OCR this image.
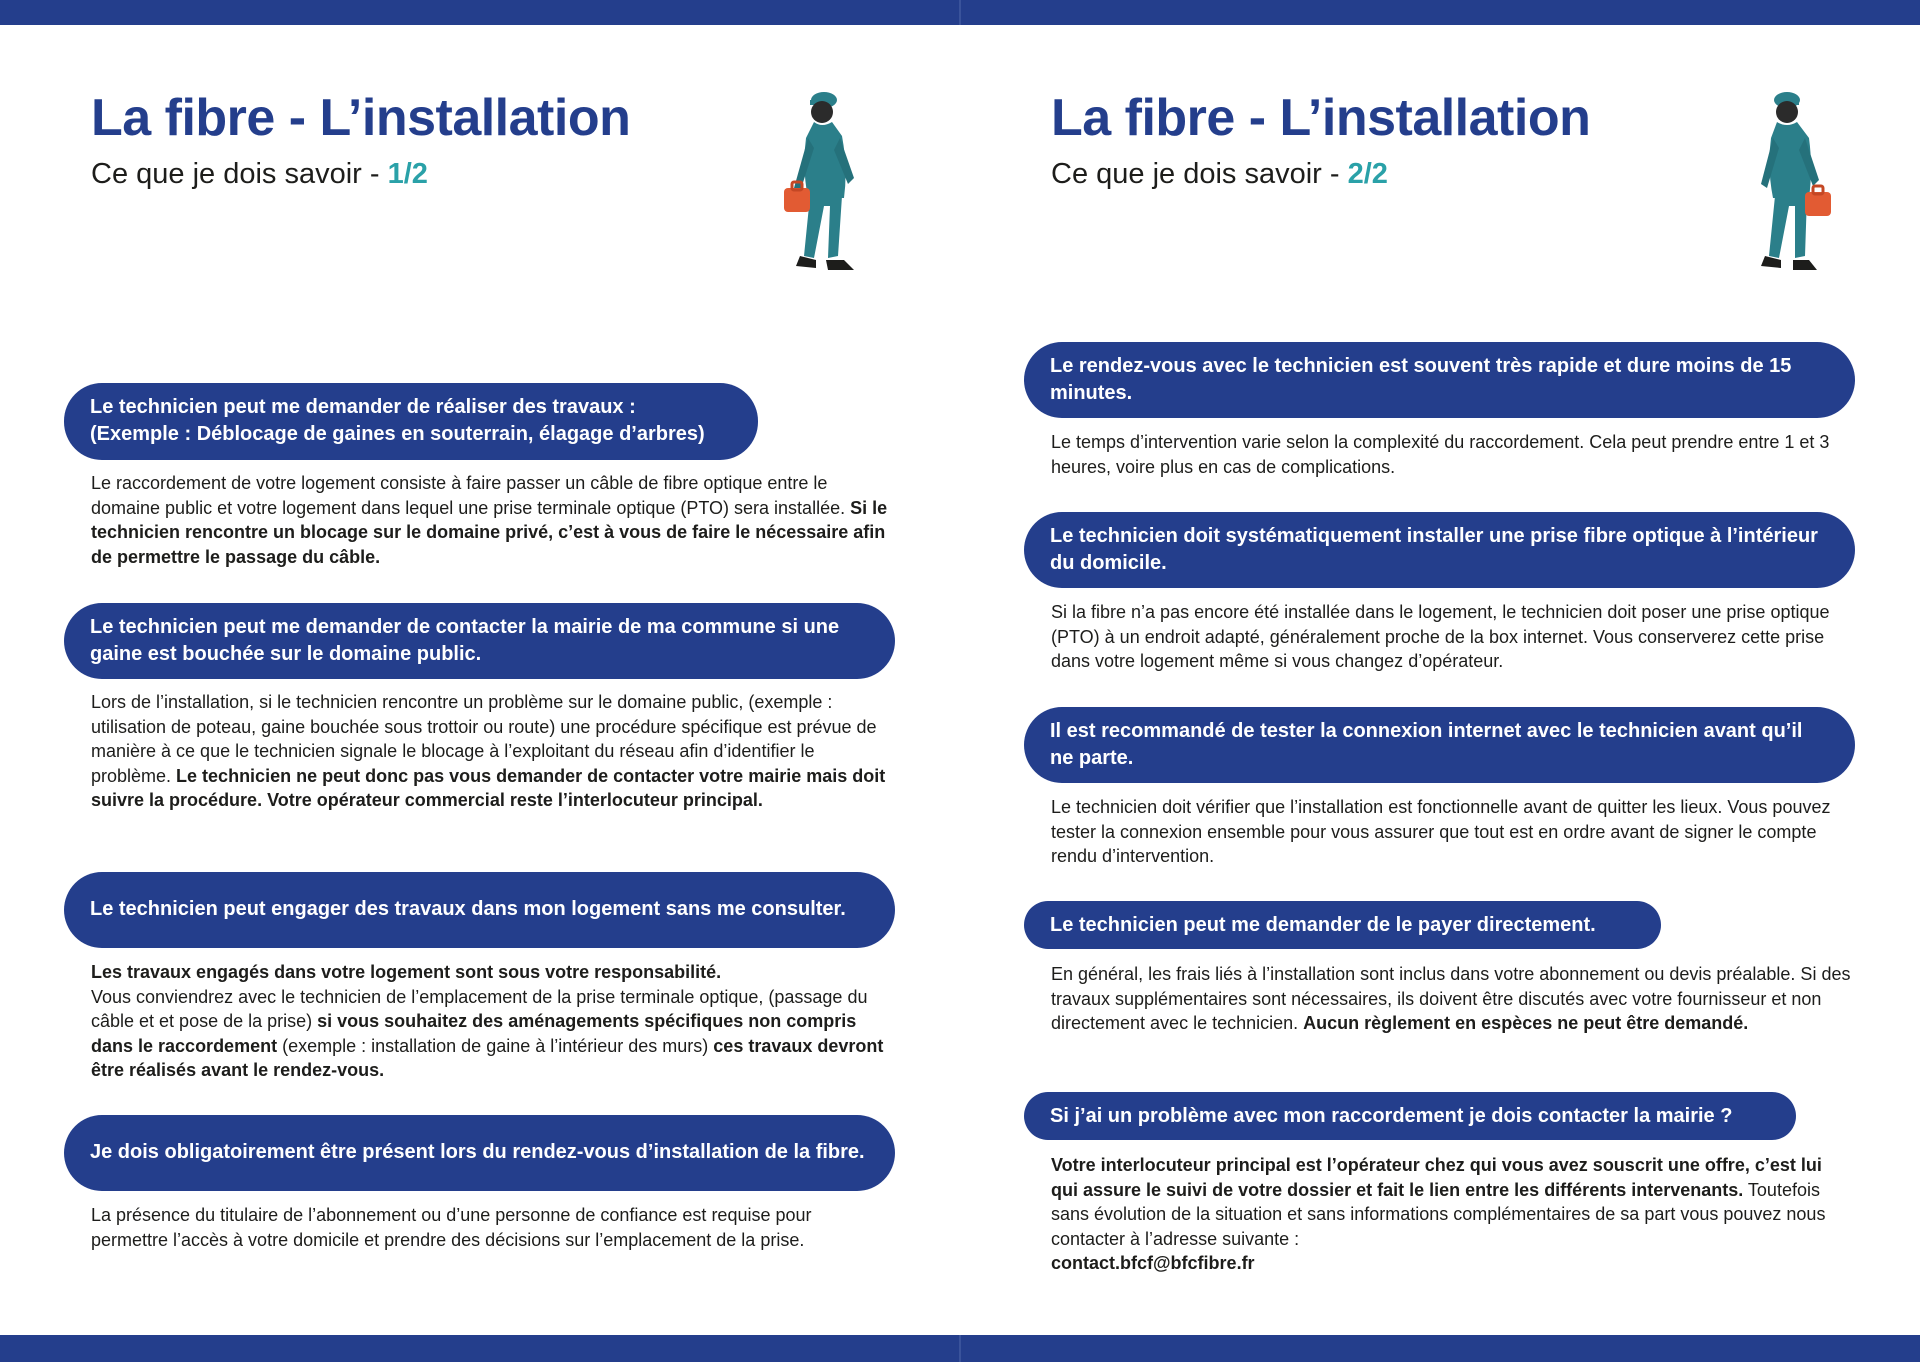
La fibre - L’installation
Ce que je dois savoir - 1/2
Le technicien peut me demander de réaliser des travaux :
(Exemple : Déblocage de gaines en souterrain, élagage d’arbres)

Le raccordement de votre logement consiste à faire passer un câble de fibre optique entre le domaine public et votre logement dans lequel une prise terminale optique (PTO) sera installée. Si le technicien rencontre un blocage sur le domaine privé, c’est à vous de faire le nécessaire afin de permettre le passage du câble.

Le technicien peut me demander de contacter la mairie de ma commune si une gaine est bouchée sur le domaine public.

Lors de l’installation, si le technicien rencontre un problème sur le domaine public, (exemple : utilisation de poteau, gaine bouchée sous trottoir ou route) une procédure spécifique est prévue de manière à ce que le technicien signale le blocage à l’exploitant du réseau afin d’identifier le problème. Le technicien ne peut donc pas vous demander de contacter votre mairie mais doit suivre la procédure. Votre opérateur commercial reste l’interlocuteur principal.

Le technicien peut engager des travaux dans mon logement sans me consulter.

Les travaux engagés dans votre logement sont sous votre responsabilité.
Vous conviendrez avec le technicien de l’emplacement de la prise terminale optique, (passage du câble et et pose de la prise) si vous souhaitez des aménagements spécifiques non compris dans le raccordement (exemple : installation de gaine à l’intérieur des murs) ces travaux devront être réalisés avant le rendez-vous.

Je dois obligatoirement être présent lors du rendez-vous d’installation de la fibre.

La présence du titulaire de l’abonnement ou d’une personne de confiance est requise pour permettre l’accès à votre domicile et prendre des décisions sur l’emplacement de la prise.

La fibre - L’installation
Ce que je dois savoir - 2/2
Le rendez-vous avec le technicien est souvent très rapide et dure moins de 15 minutes.

Le temps d’intervention varie selon la complexité du raccordement. Cela peut prendre entre 1 et 3 heures, voire plus en cas de complications.

Le technicien doit systématiquement installer une prise fibre optique à l’intérieur du domicile.

Si la fibre n’a pas encore été installée dans le logement, le technicien doit poser une prise optique (PTO) à un endroit adapté, généralement proche de la box internet. Vous conserverez cette prise dans votre logement même si vous changez d’opérateur.

Il est recommandé de tester la connexion internet avec le technicien avant qu’il ne parte.

Le technicien doit vérifier que l’installation est fonctionnelle avant de quitter les lieux. Vous pouvez tester la connexion ensemble pour vous assurer que tout est en ordre avant de signer le compte rendu d’intervention.

Le technicien peut me demander de le payer directement.

En général, les frais liés à l’installation sont inclus dans votre abonnement ou devis préalable. Si des travaux supplémentaires sont nécessaires, ils doivent être discutés avec votre fournisseur et non directement avec le technicien. Aucun règlement en espèces ne peut être demandé.

Si j’ai un problème avec mon raccordement je dois contacter la mairie ?

Votre interlocuteur principal est l’opérateur chez qui vous avez souscrit une offre, c’est lui qui assure le suivi de votre dossier et fait le lien entre les différents intervenants. Toutefois sans évolution de la situation et sans informations complémentaires de sa part vous pouvez nous contacter à l’adresse suivante :
contact.bfcf@bfcfibre.fr
